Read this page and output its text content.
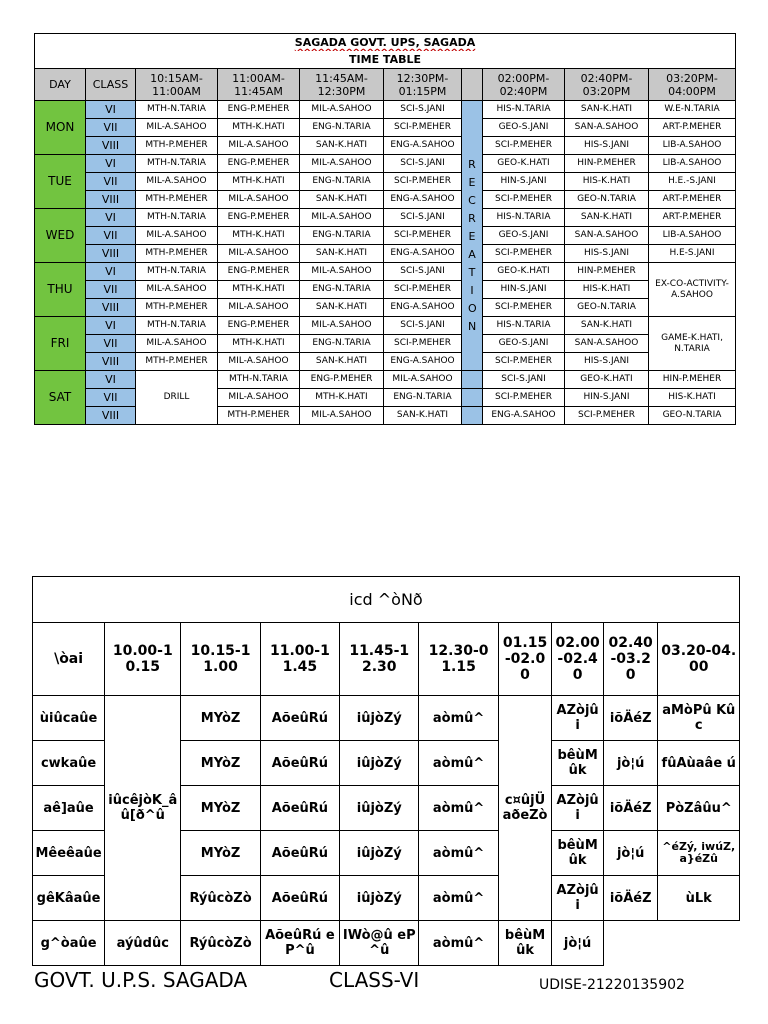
SAGADA GOVT. UPS, SAGADA									
TIME TABLE									
DAY	CLASS	10:15AM-11:00AM	11:00AM-11:45AM	11:45AM-12:30PM	12:30PM-01:15PM		02:00PM-02:40PM	02:40PM-03:20PM	03:20PM-04:00PM
MON	VI	MTH-N.TARIA	ENG-P.MEHER	MIL-A.SAHOO	SCI-S.JANI	RECREATION	HIS-N.TARIA	SAN-K.HATI	W.E-N.TARIA
	VII	MIL-A.SAHOO	MTH-K.HATI	ENG-N.TARIA	SCI-P.MEHER		GEO-S.JANI	SAN-A.SAHOO	ART-P.MEHER
	VIII	MTH-P.MEHER	MIL-A.SAHOO	SAN-K.HATI	ENG-A.SAHOO		SCI-P.MEHER	HIS-S.JANI	LIB-A.SAHOO
TUE	VI	MTH-N.TARIA	ENG-P.MEHER	MIL-A.SAHOO	SCI-S.JANI		GEO-K.HATI	HIN-P.MEHER	LIB-A.SAHOO
	VII	MIL-A.SAHOO	MTH-K.HATI	ENG-N.TARIA	SCI-P.MEHER		HIN-S.JANI	HIS-K.HATI	H.E.-S.JANI
	VIII	MTH-P.MEHER	MIL-A.SAHOO	SAN-K.HATI	ENG-A.SAHOO		SCI-P.MEHER	GEO-N.TARIA	ART-P.MEHER
WED	VI	MTH-N.TARIA	ENG-P.MEHER	MIL-A.SAHOO	SCI-S.JANI		HIS-N.TARIA	SAN-K.HATI	ART-P.MEHER
	VII	MIL-A.SAHOO	MTH-K.HATI	ENG-N.TARIA	SCI-P.MEHER		GEO-S.JANI	SAN-A.SAHOO	LIB-A.SAHOO
	VIII	MTH-P.MEHER	MIL-A.SAHOO	SAN-K.HATI	ENG-A.SAHOO		SCI-P.MEHER	HIS-S.JANI	H.E-S.JANI
THU	VI	MTH-N.TARIA	ENG-P.MEHER	MIL-A.SAHOO	SCI-S.JANI		GEO-K.HATI	HIN-P.MEHER	EX-CO-ACTIVITY-A.SAHOO
	VII	MIL-A.SAHOO	MTH-K.HATI	ENG-N.TARIA	SCI-P.MEHER		HIN-S.JANI	HIS-K.HATI	
	VIII	MTH-P.MEHER	MIL-A.SAHOO	SAN-K.HATI	ENG-A.SAHOO		SCI-P.MEHER	GEO-N.TARIA	
FRI	VI	MTH-N.TARIA	ENG-P.MEHER	MIL-A.SAHOO	SCI-S.JANI		HIS-N.TARIA	SAN-K.HATI	GAME-K.HATI, N.TARIA
	VII	MIL-A.SAHOO	MTH-K.HATI	ENG-N.TARIA	SCI-P.MEHER		GEO-S.JANI	SAN-A.SAHOO	
	VIII	MTH-P.MEHER	MIL-A.SAHOO	SAN-K.HATI	ENG-A.SAHOO		SCI-P.MEHER	HIS-S.JANI	
SAT	VI	DRILL	MTH-N.TARIA	ENG-P.MEHER	MIL-A.SAHOO		SCI-S.JANI	GEO-K.HATI	HIN-P.MEHER
	VII		MIL-A.SAHOO	MTH-K.HATI	ENG-N.TARIA		SCI-P.MEHER	HIN-S.JANI	HIS-K.HATI
	VIII		MTH-P.MEHER	MIL-A.SAHOO	SAN-K.HATI		ENG-A.SAHOO	SCI-P.MEHER	GEO-N.TARIA
icd ^òNð									
\òai	10.00-10.15	10.15-11.00	11.00-11.45	11.45-12.30	12.30-01.15	01.15-02.00	02.00-02.40	02.40-03.20	03.20-04.00
ùiûcaûe	iûcêjòK_âû[ð^û	MYòZ	AõeûRú	iûjòZý	aòmû^	c¤ûjÜ aðeZò	AZòjûi	iõÄéZ	aMòPû Kûc
cwkaûe		MYòZ	AõeûRú	iûjòZý	aòmû^		bêùM ûk	jò¦ú	fûAùaâe ú
aê]aûe		MYòZ	AõeûRú	iûjòZý	aòmû^		AZòjûi	iõÄéZ	PòZâûu^
Mêeêaûe		MYòZ	AõeûRú	iûjòZý	aòmû^		bêùM ûk	jò¦ú	^éZý, iwúZ, a}éZû
gêKâaûe		RýûcòZò	AõeûRú	iûjòZý	aòmû^		AZòjûi	iõÄéZ	ùLk
g^òaûe	aýûdûc	RýûcòZò	AõeûRú eP^û	IWò@û eP^û	aòmû^	bêùM ûk	jò¦ú		
GOVT. U.P.S. SAGADA	CLASS-VI	UDISE-21220135902
